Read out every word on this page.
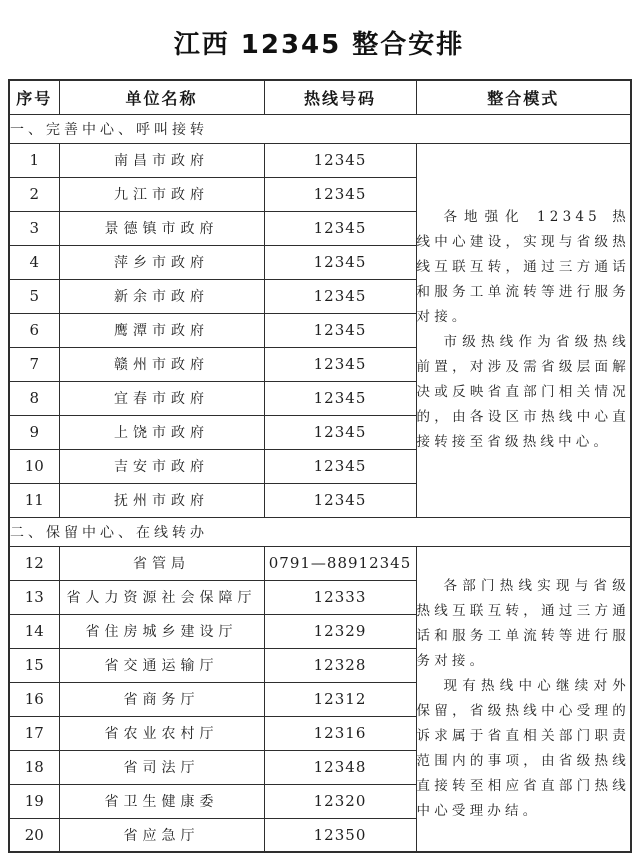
江西 12345 整合安排
序号	单位名称	热线号码	整合模式
一、完善中心、呼叫接转			
1	南昌市政府	12345	各地强化 12345 热线中心建设，实现与省级热线互联互转，通过三方通话和服务工单流转等进行服务对接。

市级热线作为省级热线前置，对涉及需省级层面解决或反映省直部门相关情况的，由各设区市热线中心直接转接至省级热线中心。

2	九江市政府	12345	
3	景德镇市政府	12345	
4	萍乡市政府	12345	
5	新余市政府	12345	
6	鹰潭市政府	12345	
7	赣州市政府	12345	
8	宜春市政府	12345	
9	上饶市政府	12345	
10	吉安市政府	12345	
11	抚州市政府	12345	
二、保留中心、在线转办			
12	省管局	0791—88912345	各部门热线实现与省级热线互联互转，通过三方通话和服务工单流转等进行服务对接。

现有热线中心继续对外保留，省级热线中心受理的诉求属于省直相关部门职责范围内的事项，由省级热线直接转至相应省直部门热线中心受理办结。

13	省人力资源社会保障厅	12333	
14	省住房城乡建设厅	12329	
15	省交通运输厅	12328	
16	省商务厅	12312	
17	省农业农村厅	12316	
18	省司法厅	12348	
19	省卫生健康委	12320	
20	省应急厅	12350	
